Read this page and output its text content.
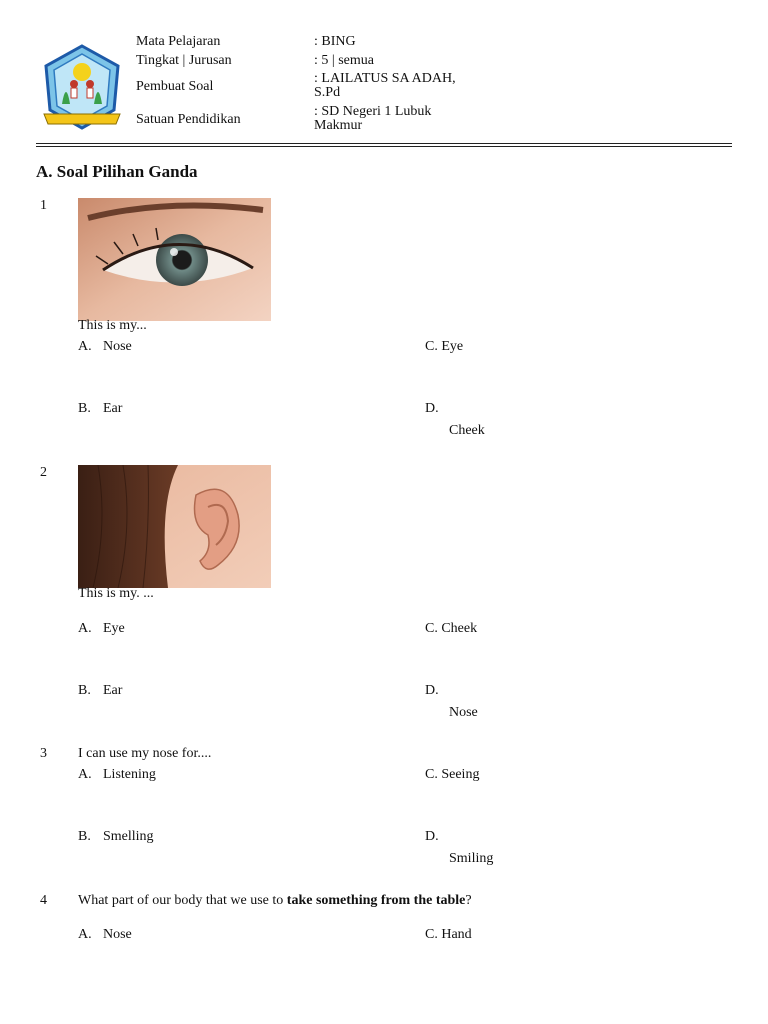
Mata Pelajaran	: BING
Tingkat | Jurusan	: 5 | semua
Pembuat Soal
: LAILATUS SA ADAH, S.Pd
Satuan Pendidikan
: SD Negeri 1 Lubuk Makmur
A. Soal Pilihan Ganda
1
This is my...
A. Nose	C. Eye
B. Ear	D.
Cheek
2
This is my. ...
A. Eye	C. Cheek
B. Ear	D.
Nose
3 I can use my nose for....
A. Listening	C. Seeing
B. Smelling	D.
Smiling
4 What part of our body that we use to take something from the table?
A. Nose	C. Hand
